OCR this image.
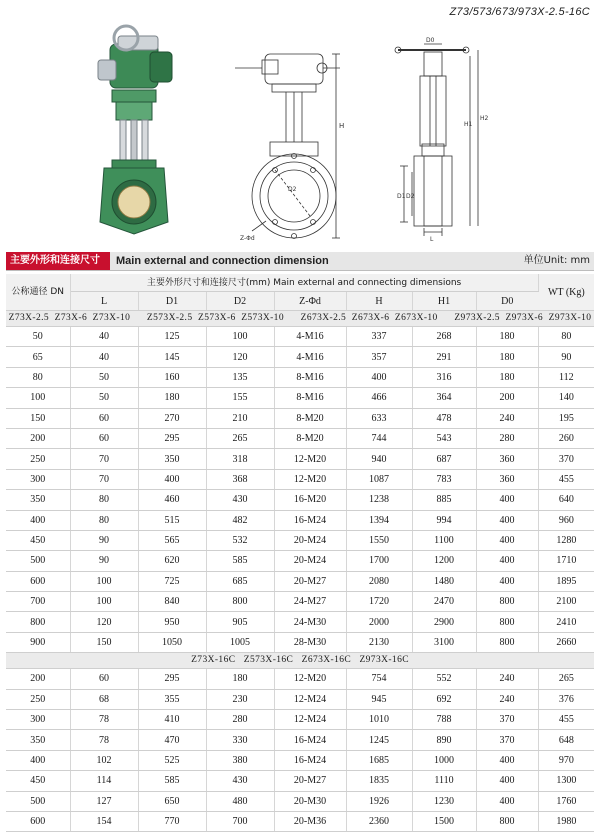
Z73/573/673/973X-2.5-16C
H
D2
Z-Φd
D0
H1
H2
D1 D2
L
主要外形和连接尺寸	Main external and connection dimension	单位Unit: mm
公称通径 DN	主要外形尺寸和连接尺寸(mm) Main external and connecting dimensions							WT (Kg)
	L	D1	D2	Z-Φd	H	H1	D0	
Z73X-2.5  Z73X-6  Z73X-10      Z573X-2.5  Z573X-6  Z573X-10      Z673X-2.5  Z673X-6  Z673X-10      Z973X-2.5  Z973X-6  Z973X-10								
50	40	125	100	4-M16	337	268	180	80
65	40	145	120	4-M16	357	291	180	90
80	50	160	135	8-M16	400	316	180	112
100	50	180	155	8-M16	466	364	200	140
150	60	270	210	8-M20	633	478	240	195
200	60	295	265	8-M20	744	543	280	260
250	70	350	318	12-M20	940	687	360	370
300	70	400	368	12-M20	1087	783	360	455
350	80	460	430	16-M20	1238	885	400	640
400	80	515	482	16-M24	1394	994	400	960
450	90	565	532	20-M24	1550	1100	400	1280
500	90	620	585	20-M24	1700	1200	400	1710
600	100	725	685	20-M27	2080	1480	400	1895
700	100	840	800	24-M27	1720	2470	800	2100
800	120	950	905	24-M30	2000	2900	800	2410
900	150	1050	1005	28-M30	2130	3100	800	2660
Z73X-16C   Z573X-16C   Z673X-16C   Z973X-16C								
200	60	295	180	12-M20	754	552	240	265
250	68	355	230	12-M24	945	692	240	376
300	78	410	280	12-M24	1010	788	370	455
350	78	470	330	16-M24	1245	890	370	648
400	102	525	380	16-M24	1685	1000	400	970
450	114	585	430	20-M27	1835	1110	400	1300
500	127	650	480	20-M30	1926	1230	400	1760
600	154	770	700	20-M36	2360	1500	800	1980
